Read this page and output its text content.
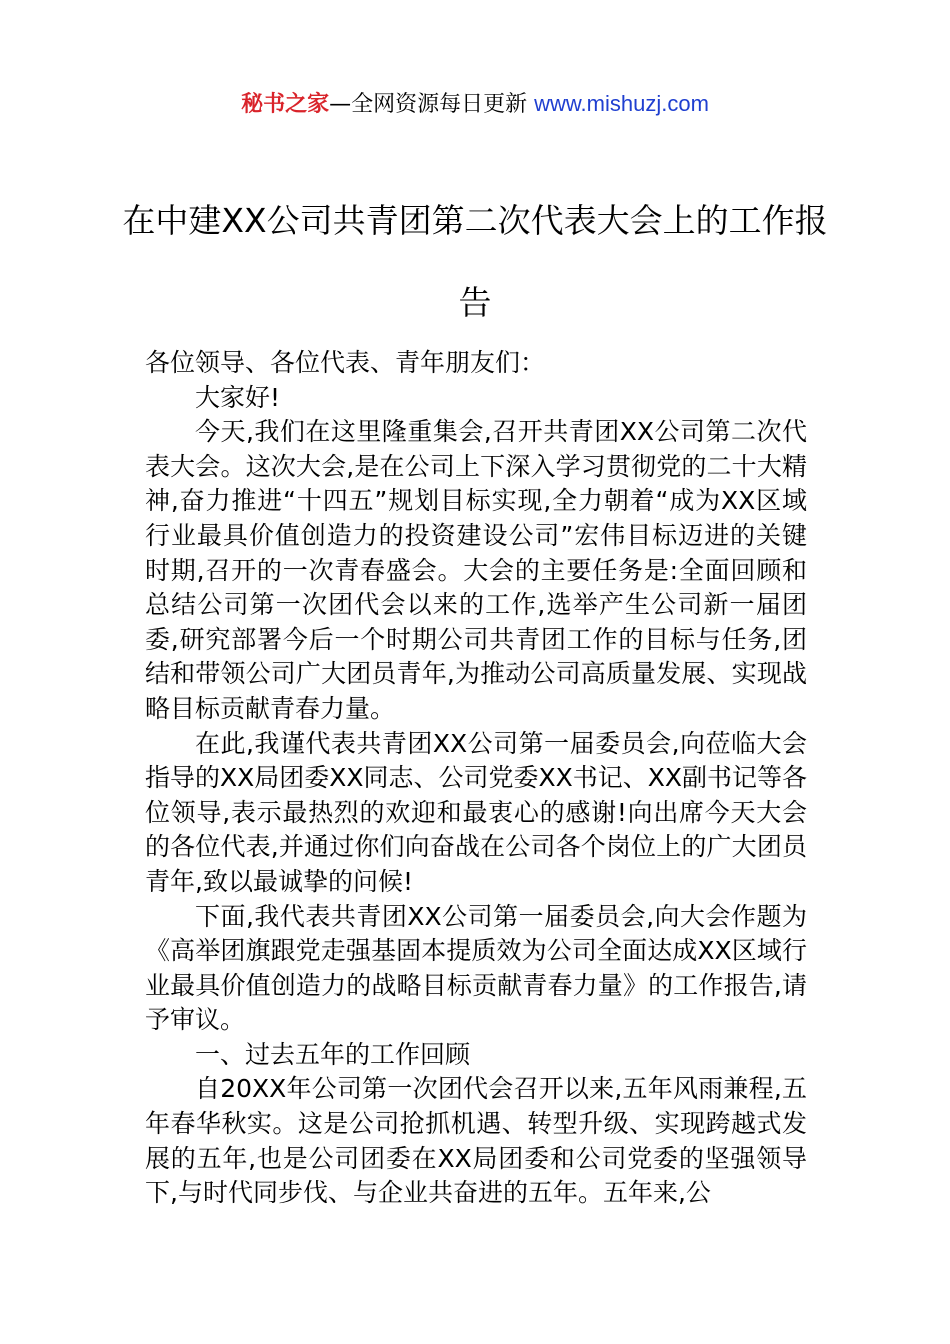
秘书之家—全网资源每日更新 www.mishuzj.com
在中建XX公司共青团第二次代表大会上的工作报告

各位领导、各位代表、青年朋友们：

大家好!

今天,我们在这里隆重集会,召开共青团XX公司第二次代表大会。这次大会,是在公司上下深入学习贯彻党的二十大精神,奋力推进“十四五”规划目标实现,全力朝着“成为XX区域行业最具价值创造力的投资建设公司”宏伟目标迈进的关键时期,召开的一次青春盛会。大会的主要任务是:全面回顾和总结公司第一次团代会以来的工作,选举产生公司新一届团委,研究部署今后一个时期公司共青团工作的目标与任务,团结和带领公司广大团员青年,为推动公司高质量发展、实现战略目标贡献青春力量。

在此,我谨代表共青团XX公司第一届委员会,向莅临大会指导的XX局团委XX同志、公司党委XX书记、XX副书记等各位领导,表示最热烈的欢迎和最衷心的感谢!向出席今天大会的各位代表,并通过你们向奋战在公司各个岗位上的广大团员青年,致以最诚挚的问候!

下面,我代表共青团XX公司第一届委员会,向大会作题为《高举团旗跟党走强基固本提质效为公司全面达成XX区域行业最具价值创造力的战略目标贡献青春力量》的工作报告,请予审议。

一、过去五年的工作回顾

自20XX年公司第一次团代会召开以来,五年风雨兼程,五年春华秋实。这是公司抢抓机遇、转型升级、实现跨越式发展的五年,也是公司团委在XX局团委和公司党委的坚强领导下,与时代同步伐、与企业共奋进的五年。五年来,公
